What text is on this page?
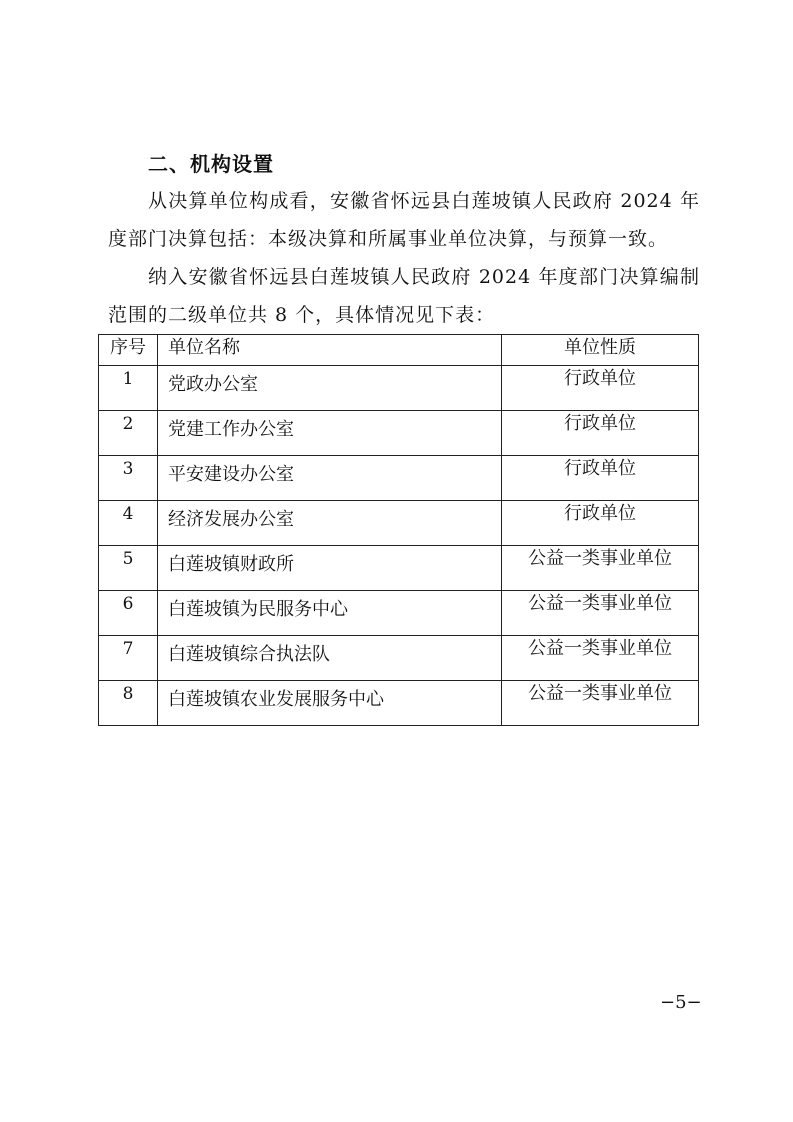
二、机构设置

从决算单位构成看，安徽省怀远县白莲坡镇人民政府 2024 年度部门决算包括：本级决算和所属事业单位决算，与预算一致。

纳入安徽省怀远县白莲坡镇人民政府 2024 年度部门决算编制范围的二级单位共 8 个，具体情况见下表：

序号	单位名称	单位性质
1	党政办公室	行政单位
2	党建工作办公室	行政单位
3	平安建设办公室	行政单位
4	经济发展办公室	行政单位
5	白莲坡镇财政所	公益一类事业单位
6	白莲坡镇为民服务中心	公益一类事业单位
7	白莲坡镇综合执法队	公益一类事业单位
8	白莲坡镇农业发展服务中心	公益一类事业单位

−5−
